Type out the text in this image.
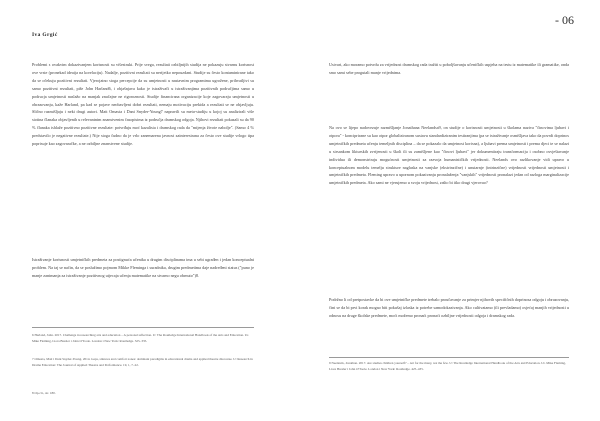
Iva Grgić
- 06

Problemi s ovakvim dokazivanjem korisnosti su višestruki. Prije svega, rezultati ozbiljnijih studija ne pokazuju stvarnu korisnost ove vrste (pronekad ideaija na korelaciju). Nadalje, pozitivni rezultati su nerijetko nepouzdani. Studije su često kontaminirane tako da se očekuju pozitivni rezultati. Vjerojatno stoga percepcije da su umjetnosti u nastavnim programima ugrožene, prihvatljivi su samo pozitivni rezultati, piše John Harland6, i objašnjava kako je istraživači u istraživanjima pozitivnih područjima samo u podrucja umjetnosti naslažo na manjak značajne ne rigoroznosti. Studije financirana organizacije koje zagovaraju umjetnosti u obrazovanju, kaže Harland, pa kad se pojave neobavljeni dobri rezultati, nemaju motivaciju prekida a rezultati se ne objavljuju. Slično razmišljaju i neki drugi autori. Matt Omasta i Dani Snyder-Young7 napravili su meta-studiju u kojoj su analizirali više stotina članaka objavljenih u relevantnim znanstvenim časopisima iz područja dramskog odgoja. Njihovi rezultati pokazali su da 90 % članaka ishlaže pozitivno pozitivne rezultate: potvrđuju moć kazalista i dramskog rada da "mijenja živote nabolje". (Samo 4 % predstavilo je negativne rezultate.) Nije stoga čudno da je vrlo zanemarena javnost zainteresirana za često ove studije vrlogo tipa poprisuje kao zagovaračke, a ne ozbiljne znanstvene studije.

Istraživanje korisnosti umjetničkih predmeta za postignuća učenika u drugim disciplinama ima u sebi ugrađen i jedan konceptualni problem. Na taj se način, da se poslužimo pojmom Mikke Fleminga i suradnika, drugim predmetima daje nadređeni status ("puno je manje zanimanja za istraživanje pozitivnog utjecaja učenja matematike na stvarno negu obrnuto")8.

6 Harland, John. 2017. Challenge in researching arts and education – A personal reflection. U: The Routledge International Handbook of the Arts and Education. Ur. Mike Fleming, Liora Bresler i John O'Toole. London i New York: Routledge. 325–335.

7 Omasta, Matt i Dani Snyder-Young. 2014. Gaps, silences and comfort zones: dominant paradigms in educational drama and applied theatre discourse. U: Research in Drama Education: The Journal of Applied Theatre and Performance. 19, 1, 7–22.

8 Op.cit., str. 180.

Ustvari, ako moramo potvrdu za vrijednost dramskog rada tražiti u poboljšavanju učeničkih uspjeha na testu iz matematike ili gramatike, onda smo sami sebe progutali manje vrijednima.

Na ovo se lijepo nadovezuje razmišljanje Jonathana Neelandsa9, on studije o korisnosti umjetnosti u školama naziva "činovima ljubavi i otpora" - konciprirane su kao otpor globaliziranom sustavu standardiziranim testiranjima (pa se istraživanje osmišljava tako da povrdi doprinos umjetničkih predmeta učenju temeljnih disciplina – da se pokazalo da umjetnost korisna), a ljubavi prema umjetnosti i prema djeci te se nalazi u sirsankom likturskih zvrijenosti u školi ili su zamišljene kao "činovi ljubavi" jer dokumentiraju transformaciju i osobno osvještavanje individua ili demonstriraju mogućnosti umjetnosti za razvoja humanističkih vrijednosti. Neelands ovo razlikovanje vidi upravo u konceptualnom modelu temelju strukture naglaska na vanjske (ekstrinzične) i unutarnje (intrinzične) vrijednosti vrijednosti umjetnosti i umjetničkih predmeta. Fleming upravo u upornom pokazivanju pronalaženja "vanjskih" vrijednosti pronalazi jedan od razloga marginalizacije umjetničkih predmeta. Ako sami ne vjerujemo u svoju vrijednost, zašto bi itko drugi vjerovao?

Podržno li od pretpostavke da bi ove umjetničke predmete trebalo proučavanje za primjer njihovih specifičnih doprinosa odgoju i obrazovanju, čini se da bi prvi korak mogao biti pokušaj izlaska iz potrebe samodokazivanja. Ako cultivatamo (ili prevladamo) osjećaj manjih vrijednosti u odnosu na druge školske predmete, moći možemo pronaći pronaći ozbiljne vrijednosti odgoja i dramskog rada.

9 Neelands, Jonathan. 2017. Are studies children yourself? – Art for the many, not the few. U: The Routledge International Handbook of the Arts and Education. Ur. Mike Fleming, Liora Bresler i John O'Toole. London i New York: Routledge. 425–435.
